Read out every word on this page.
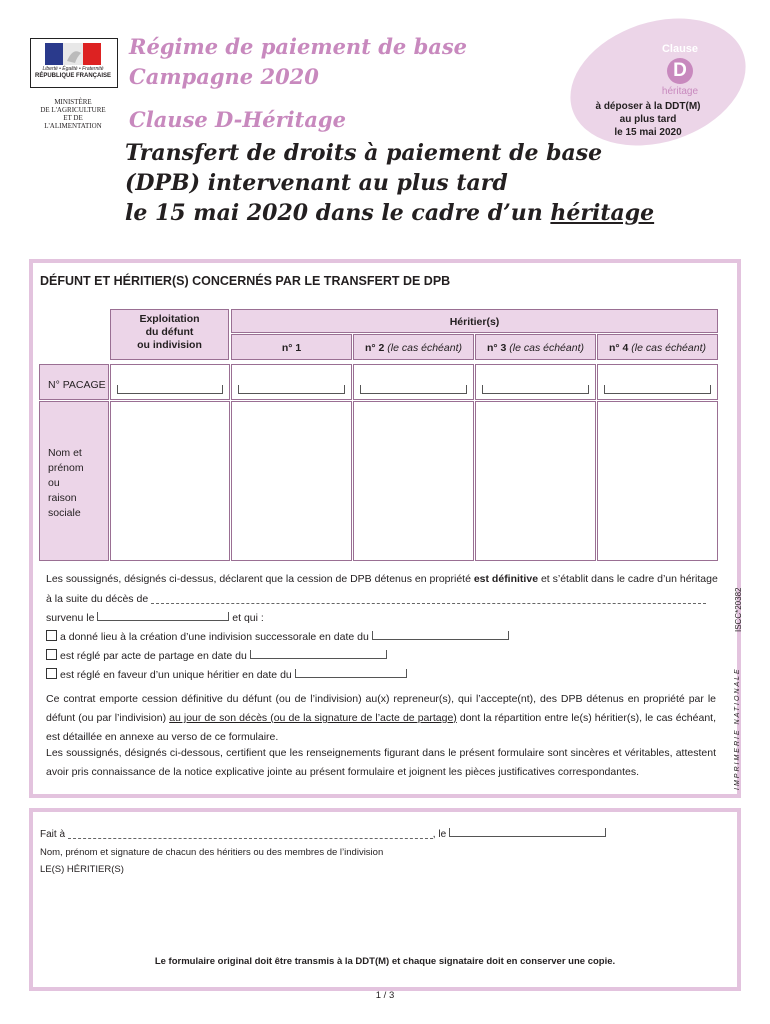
Liberté • Égalité • Fraternité
RÉPUBLIQUE FRANÇAISE
MINISTÈRE
DE L'AGRICULTURE
ET DE
L'ALIMENTATION
Régime de paiement de base
Campagne 2020
Clause D-Héritage
Transfert de droits à paiement de base
(DPB) intervenant au plus tard
le 15 mai 2020 dans le cadre d’un héritage
Clause
D
héritage
à déposer à la DDT(M)
au plus tard
le 15 mai 2020
DÉFUNT ET HÉRITIER(S) CONCERNÉS PAR LE TRANSFERT DE DPB
Exploitation
du défunt
ou indivision
Héritier(s)
n° 1	n° 2 (le cas échéant)	n° 3 (le cas échéant)	n° 4 (le cas échéant)
N° PACAGE
Nom et
prénom
ou
raison
sociale
Les soussignés, désignés ci-dessus, déclarent que la cession de DPB détenus en propriété est définitive et s’établit dans le cadre d’un héritage
à la suite du décès de
survenu le	et qui :
a donné lieu à la création d’une indivision successorale en date du
est réglé par acte de partage en date du
est réglé en faveur d’un unique héritier en date du
Ce contrat emporte cession définitive du défunt (ou de l’indivision) au(x) repreneur(s), qui l’accepte(nt), des DPB détenus en propriété par le défunt (ou par l’indivision) au jour de son décès (ou de la signature de l’acte de partage) dont la répartition entre le(s) héritier(s), le cas échéant, est détaillée en annexe au verso de ce formulaire.
Les soussignés, désignés ci-dessous, certifient que les renseignements figurant dans le présent formulaire sont sincères et véritables, attestent avoir pris connaissance de la notice explicative jointe au présent formulaire et joignent les pièces justificatives correspondantes.	IMPRIMERIE NATIONALE
ISCC*20382
Fait à	, le
Nom, prénom et signature de chacun des héritiers ou des membres de l’indivision
LE(S) HÉRITIER(S)
Le formulaire original doit être transmis à la DDT(M) et chaque signataire doit en conserver une copie.
1 / 3
